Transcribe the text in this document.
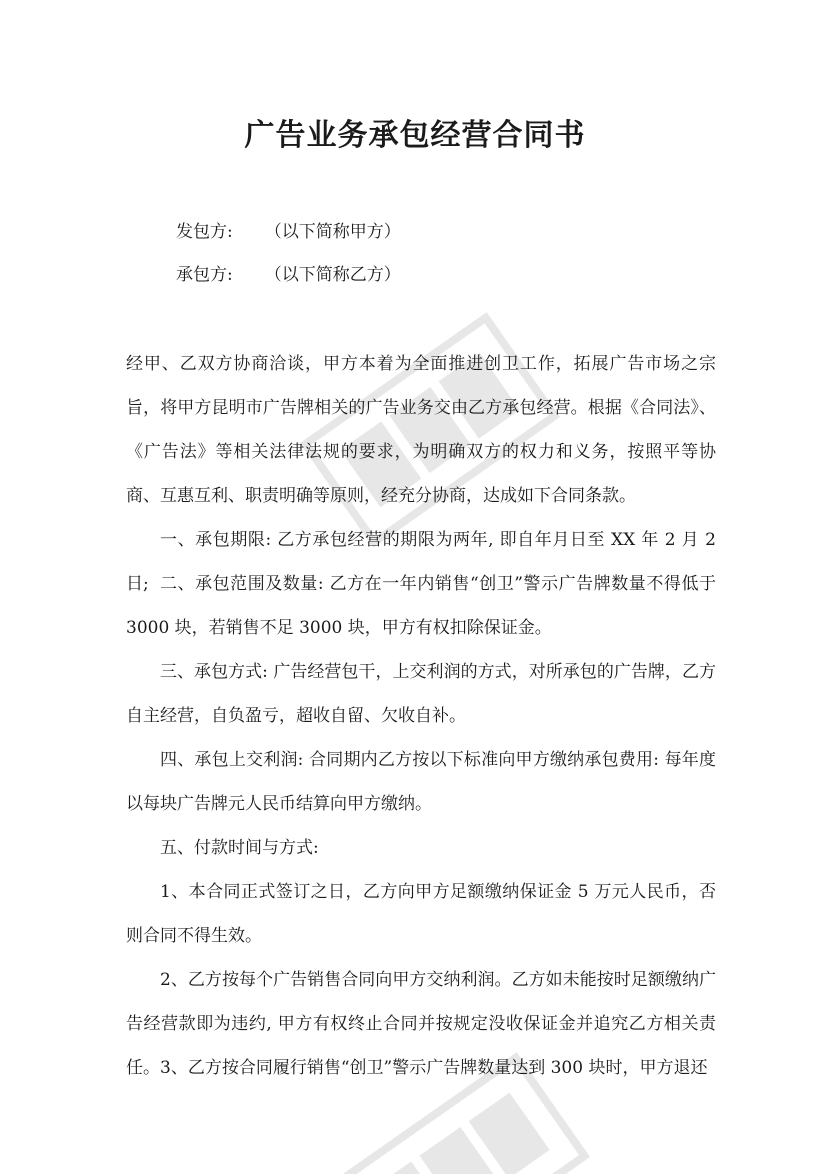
广告业务承包经营合同书
发包方: （以下简称甲方）
承包方: （以下简称乙方）

经甲、乙双方协商洽谈，甲方本着为全面推进创卫工作，拓展广告市场之宗旨，将甲方昆明市广告牌相关的广告业务交由乙方承包经营。根据《合同法》、《广告法》等相关法律法规的要求，为明确双方的权力和义务，按照平等协商、互惠互利、职责明确等原则，经充分协商，达成如下合同条款。

一、承包期限: 乙方承包经营的期限为两年, 即自年月日至 XX 年 2 月 2 日; 二、承包范围及数量: 乙方在一年内销售“创卫”警示广告牌数量不得低于 3000 块，若销售不足 3000 块，甲方有权扣除保证金。

三、承包方式: 广告经营包干，上交利润的方式，对所承包的广告牌，乙方自主经营，自负盈亏，超收自留、欠收自补。

四、承包上交利润: 合同期内乙方按以下标准向甲方缴纳承包费用: 每年度以每块广告牌元人民币结算向甲方缴纳。

五、付款时间与方式:

1、本合同正式签订之日，乙方向甲方足额缴纳保证金 5 万元人民币，否则合同不得生效。

2、乙方按每个广告销售合同向甲方交纳利润。乙方如未能按时足额缴纳广告经营款即为违约, 甲方有权终止合同并按规定没收保证金并追究乙方相关责任。 3、乙方按合同履行销售“创卫”警示广告牌数量达到 300 块时，甲方退还
